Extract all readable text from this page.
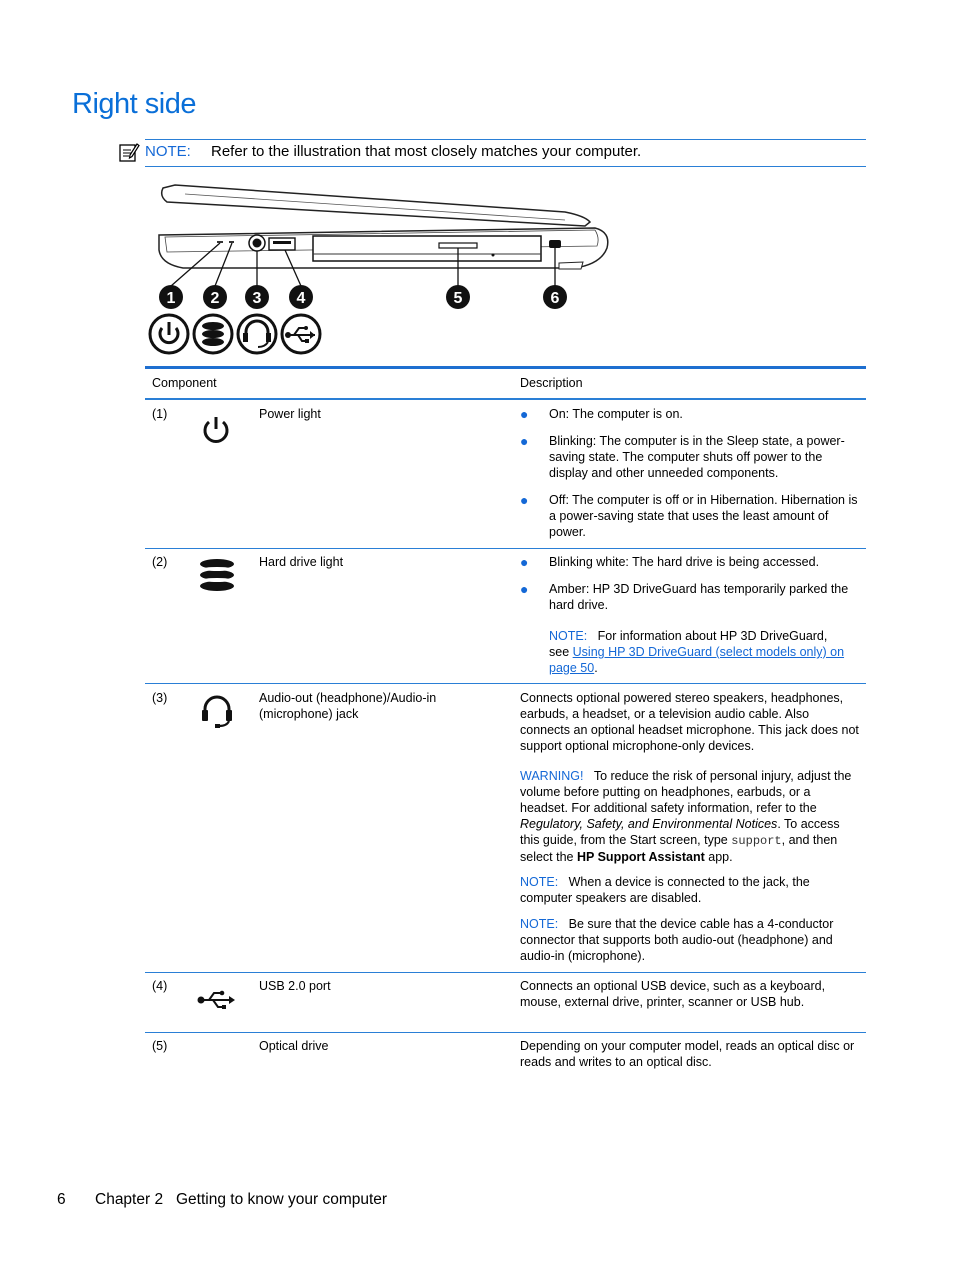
Right side
NOTE: Refer to the illustration that most closely matches your computer.
1 2 3 4	5	6
Component	Description
(1)	Power light	● On: The computer is on.
● Blinking: The computer is in the Sleep state, a power-saving state. The computer shuts off power to the display and other unneeded components.
● Off: The computer is off or in Hibernation. Hibernation is a power-saving state that uses the least amount of power.
(2)	Hard drive light	● Blinking white: The hard drive is being accessed.
● Amber: HP 3D DriveGuard has temporarily parked the hard drive.
NOTE: For information about HP 3D DriveGuard, see Using HP 3D DriveGuard (select models only) on page 50.
(3)	Audio-out (headphone)/Audio-in (microphone) jack
Connects optional powered stereo speakers, headphones, earbuds, a headset, or a television audio cable. Also connects an optional headset microphone. This jack does not support optional microphone-only devices.
WARNING! To reduce the risk of personal injury, adjust the volume before putting on headphones, earbuds, or a headset. For additional safety information, refer to the Regulatory, Safety, and Environmental Notices. To access this guide, from the Start screen, type support, and then select the HP Support Assistant app.
NOTE: When a device is connected to the jack, the computer speakers are disabled.
NOTE: Be sure that the device cable has a 4-conductor connector that supports both audio-out (headphone) and audio-in (microphone).
(4)	USB 2.0 port	Connects an optional USB device, such as a keyboard, mouse, external drive, printer, scanner or USB hub.
(5)	Optical drive	Depending on your computer model, reads an optical disc or reads and writes to an optical disc.
6 Chapter 2   Getting to know your computer
